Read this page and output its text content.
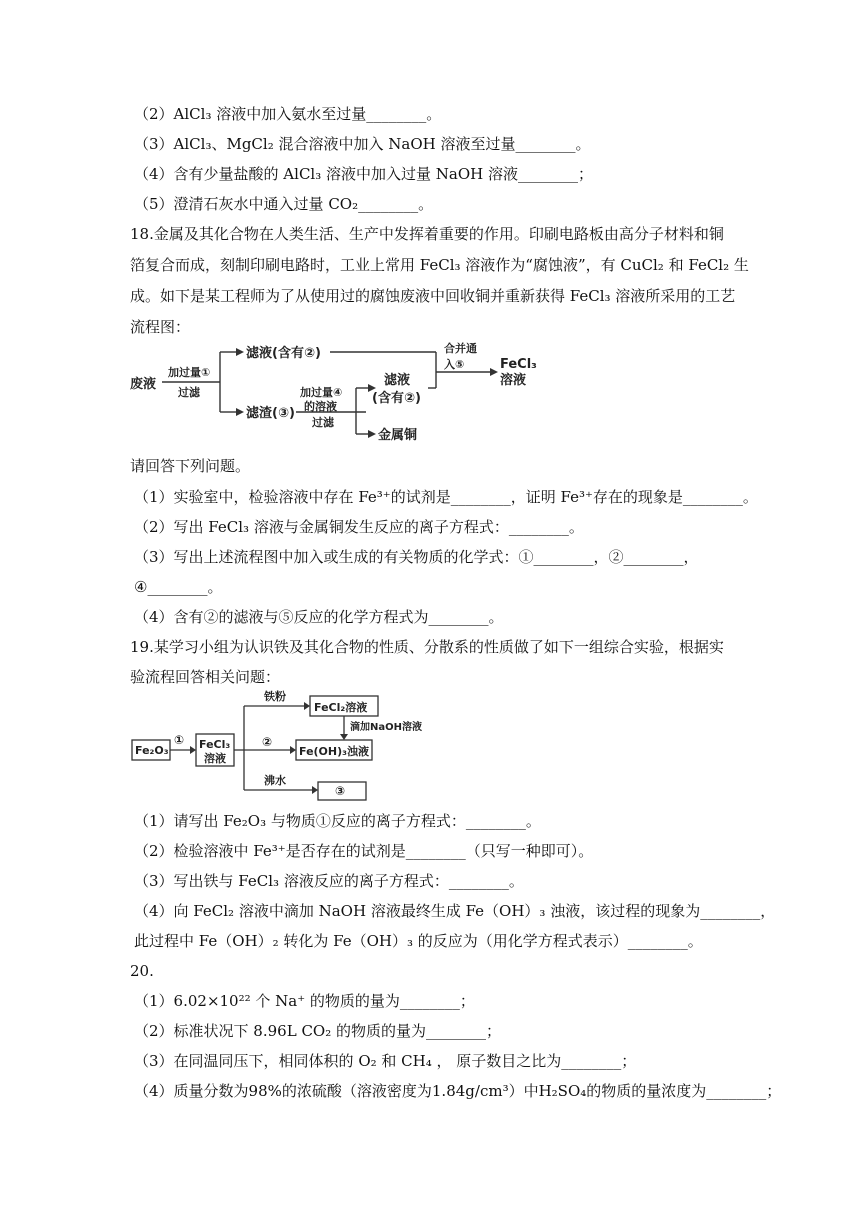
（2）AlCl₃ 溶液中加入氨水至过量________。
（3）AlCl₃、MgCl₂ 混合溶液中加入 NaOH 溶液至过量________。
（4）含有少量盐酸的 AlCl₃ 溶液中加入过量 NaOH 溶液________；
（5）澄清石灰水中通入过量 CO₂________。
18.金属及其化合物在人类生活、生产中发挥着重要的作用。印刷电路板由高分子材料和铜
箔复合而成，刻制印刷电路时，工业上常用 FeCl₃ 溶液作为“腐蚀液”，有 CuCl₂ 和 FeCl₂ 生
成。如下是某工程师为了从使用过的腐蚀废液中回收铜并重新获得 FeCl₃ 溶液所采用的工艺
流程图：
废液
加过量①
过滤
滤液(含有②)
滤渣(③)
加过量④
的溶液
过滤
滤液
(含有②)
金属铜
合并通
入⑤	FeCl₃
溶液
请回答下列问题。
（1）实验室中，检验溶液中存在 Fe³⁺的试剂是________，证明 Fe³⁺存在的现象是________。
（2）写出 FeCl₃ 溶液与金属铜发生反应的离子方程式：________。
（3）写出上述流程图中加入或生成的有关物质的化学式：①________，②________，
④________。
（4）含有②的滤液与⑤反应的化学方程式为________。
19.某学习小组为认识铁及其化合物的性质、分散系的性质做了如下一组综合实验，根据实
验流程回答相关问题：
Fe₂O₃
① FeCl₃
溶液
铁粉
FeCl₂溶液
滴加NaOH溶液
②
Fe(OH)₃浊液
沸水
③
（1）请写出 Fe₂O₃ 与物质①反应的离子方程式：________。
（2）检验溶液中 Fe³⁺是否存在的试剂是________（只写一种即可）。
（3）写出铁与 FeCl₃ 溶液反应的离子方程式：________。
（4）向 FeCl₂ 溶液中滴加 NaOH 溶液最终生成 Fe（OH）₃ 浊液，该过程的现象为________，
此过程中 Fe（OH）₂ 转化为 Fe（OH）₃ 的反应为（用化学方程式表示）________。
20.
（1）6.02×10²² 个 Na⁺ 的物质的量为________；
（2）标准状况下 8.96L CO₂ 的物质的量为________；
（3）在同温同压下，相同体积的 O₂ 和 CH₄ ， 原子数目之比为________；
（4）质量分数为98%的浓硫酸（溶液密度为1.84g/cm³）中H₂SO₄的物质的量浓度为________；
